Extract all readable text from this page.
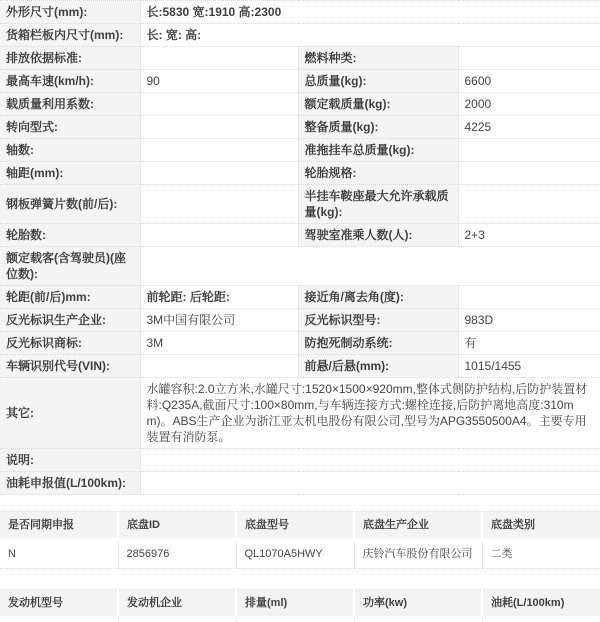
外形尺寸(mm):	长:5830 宽:1910 高:2300		
货箱栏板内尺寸(mm):	长: 宽: 高:		
排放依据标准:		燃料种类:	
最高车速(km/h):	90	总质量(kg):	6600
载质量利用系数:		额定载质量(kg):	2000
转向型式:		整备质量(kg):	4225
轴数:		准拖挂车总质量(kg):	
轴距(mm):		轮胎规格:	
钢板弹簧片数(前/后):		半挂车鞍座最大允许承载质量(kg):	
轮胎数:		驾驶室准乘人数(人):	2+3
额定载客(含驾驶员)(座位数):			
轮距(前/后)mm:	前轮距: 后轮距:	接近角/离去角(度):	
反光标识生产企业:	3M中国有限公司	反光标识型号:	983D
反光标识商标:	3M	防抱死制动系统:	有
车辆识别代号(VIN):		前悬/后悬(mm):	1015/1455
其它:	水罐容积:2.0立方米,水罐尺寸:1520×1500×920mm,整体式侧防护结构,后防护装置材料:Q235A,截面尺寸:100×80mm,与车辆连接方式:螺栓连接,后防护离地高度:310mm)。ABS生产企业为浙江亚太机电股份有限公司,型号为APG3550500A4。主要专用装置有消防泵。		
说明:			
油耗申报值(L/100km):			
是否同期申报	底盘ID	底盘型号	底盘生产企业	底盘类别
N	2856976	QL1070A5HWY	庆铃汽车股份有限公司	二类
发动机型号	发动机企业	排量(ml)	功率(kw)	油耗(L/100km)
